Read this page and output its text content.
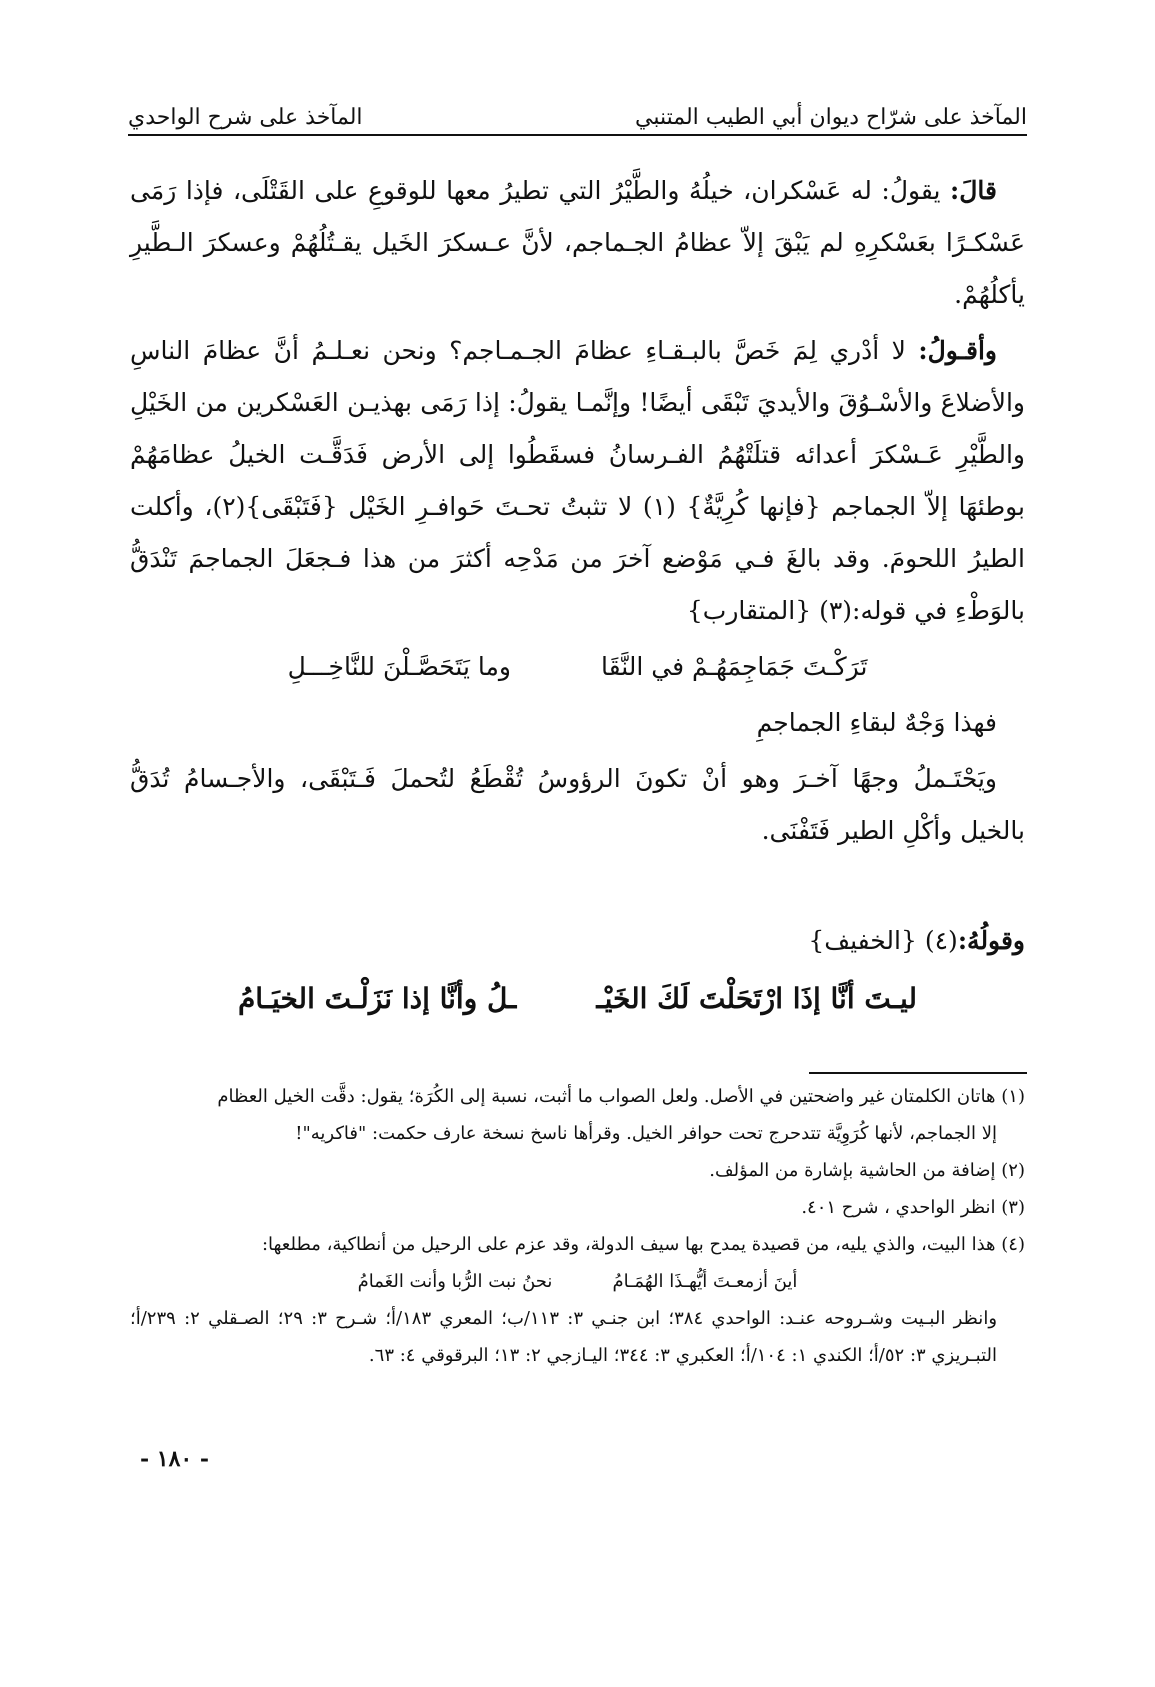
المآخذ على شرّاح ديوان أبي الطيب المتنبي
المآخذ على شرح الواحدي

قالَ: يقولُ: له عَسْكران، خيلُهُ والطَّيْرُ التي تطيرُ معها للوقوعِ على القَتْلَى، فإذا رَمَى عَسْكـرًا بعَسْكرِهِ لم يَبْقَ إلاّ عظامُ الجـماجم، لأنَّ عـسكرَ الخَيل يقـتُلُهُمْ وعسكرَ الـطَّيرِ يأكلُهُمْ.

وأقـولُ: لا أدْري لِمَ خَصَّ بالبـقـاءِ عظامَ الجـمـاجم؟ ونحن نعـلـمُ أنَّ عظامَ الناسِ والأضلاعَ والأسْـوُقَ والأيديَ تَبْقَى أيضًا! وإنَّمـا يقولُ: إذا رَمَى بهذيـن العَسْكرين من الخَيْلِ والطَّيْرِ عَـسْكرَ أعدائه قتلَتْهُمُ الفـرسانُ فسقَطُوا إلى الأرض فَدَقَّـت الخيلُ عظامَهُمْ بوطئهَا إلاّ الجماجم {فإنها كُرِيَّةٌ} (١) لا تثبتُ تحـتَ حَوافـرِ الخَيْل {فَتَبْقَى}(٢)، وأكلت الطيرُ اللحومَ. وقد بالغَ فـي مَوْضع آخرَ من مَدْحِه أكثرَ من هذا فـجعَلَ الجماجمَ تَنْدَقُّ بالوَطْءِ في قوله:(٣) {المتقارب}

تَرَكْـتَ جَمَاجِمَهُـمْ في النَّقَا
وما يَتَحَصَّـلْنَ للنَّاخِـــلِ

فهذا وَجْهٌ لبقاءِ الجماجمِ

ويَحْتَـملُ وجهًا آخـرَ وهو أنْ تكونَ الرؤوسُ تُقْطَعُ لتُحملَ فَـتَبْقَى، والأجـسامُ تُدَقُّ بالخيل وأكْلِ الطير فَتَفْنَى.

وقولُهُ:(٤) {الخفيف}

ليـتَ أنَّا إذَا ارْتَحَلْتَ لَكَ الخَيْـ
ـلُ وأنَّا إذا نَزَلْـتَ الخيَـامُ

(١) هاتان الكلمتان غير واضحتين في الأصل. ولعل الصواب ما أثبت، نسبة إلى الكُرَة؛ يقول: دقَّت الخيل العظام

إلا الجماجم، لأنها كُرَوِيَّة تتدحرج تحت حوافر الخيل. وقرأها ناسخ نسخة عارف حكمت: "فاكريه"!

(٢) إضافة من الحاشية بإشارة من المؤلف.

(٣) انظر الواحدي ، شرح ٤٠١.

(٤) هذا البيت، والذي يليه، من قصيدة يمدح بها سيف الدولة، وقد عزم على الرحيل من أنطاكية، مطلعها:

أينَ أزمعـتَ أيُّهـذَا الهُمَـامُ
نحنُ نبت الرُّبا وأنت الغَمامُ

وانظر البـيت وشـروحه عنـد: الواحدي ٣٨٤؛ ابن جنـي ٣: ١١٣/ب؛ المعري ١٨٣/أ؛ شـرح ٣: ٢٩؛ الصـقلي ٢: ٢٣٩/أ؛ التبـريزي ٣: ٥٢/أ؛ الكندي ١: ١٠٤/أ؛ العكبري ٣: ٣٤٤؛ اليـازجي ٢: ١٣؛ البرقوقي ٤: ٦٣.

- ١٨٠ -
